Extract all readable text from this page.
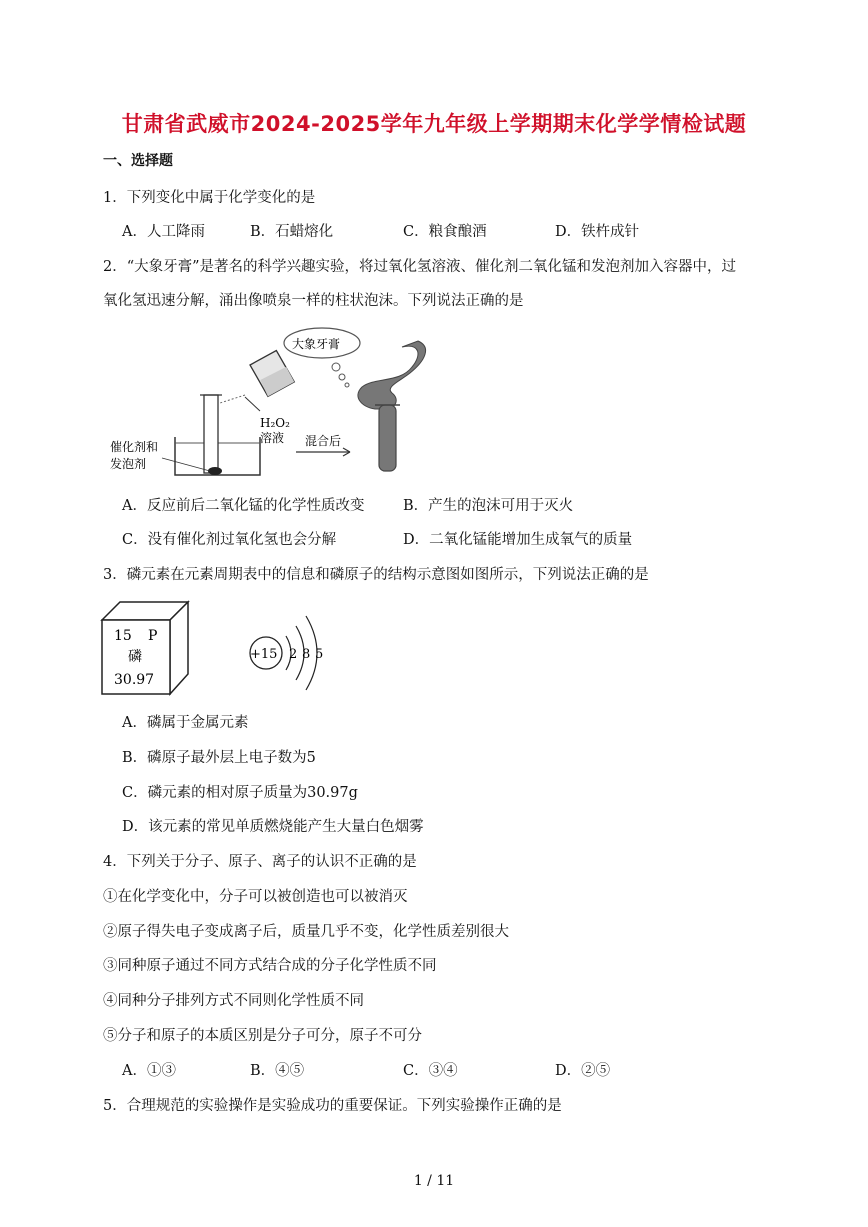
甘肃省武威市2024-2025学年九年级上学期期末化学学情检试题
一、选择题
1．下列变化中属于化学变化的是
A．人工降雨	B．石蜡熔化	C．粮食酿酒	D．铁杵成针
2．“大象牙膏”是著名的科学兴趣实验，将过氧化氢溶液、催化剂二氧化锰和发泡剂加入容器中，过
氧化氢迅速分解，涌出像喷泉一样的柱状泡沫。下列说法正确的是
催化剂和
发泡剂
H₂O₂
溶液 混合后
大象牙膏
A．反应前后二氧化锰的化学性质改变	B．产生的泡沫可用于灭火
C．没有催化剂过氧化氢也会分解	D．二氧化锰能增加生成氧气的质量
3．磷元素在元素周期表中的信息和磷原子的结构示意图如图所示，下列说法正确的是
15 P
磷
30.97
+15 2 8 5
A．磷属于金属元素
B．磷原子最外层上电子数为5
C．磷元素的相对原子质量为30.97g
D．该元素的常见单质燃烧能产生大量白色烟雾
4．下列关于分子、原子、离子的认识不正确的是
①在化学变化中，分子可以被创造也可以被消灭
②原子得失电子变成离子后，质量几乎不变，化学性质差别很大
③同种原子通过不同方式结合成的分子化学性质不同
④同种分子排列方式不同则化学性质不同
⑤分子和原子的本质区别是分子可分，原子不可分
A．①③	B．④⑤	C．③④	D．②⑤
5．合理规范的实验操作是实验成功的重要保证。下列实验操作正确的是
1 / 11
